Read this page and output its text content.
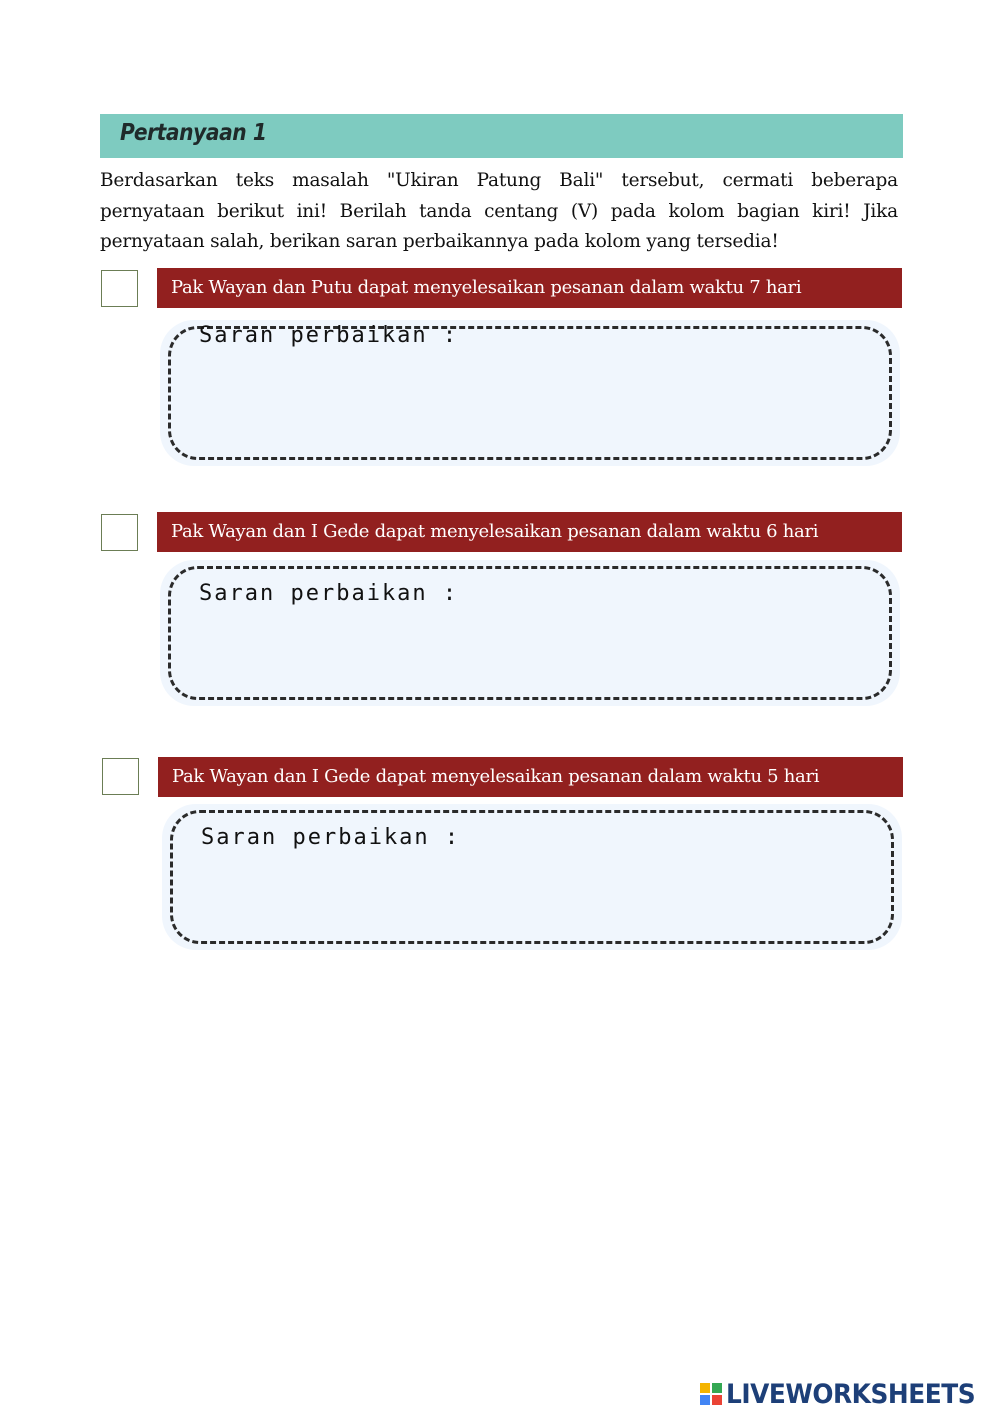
Pertanyaan 1
Berdasarkan teks masalah "Ukiran Patung Bali" tersebut, cermati beberapa pernyataan berikut ini! Berilah tanda centang (V) pada kolom bagian kiri! Jika pernyataan salah, berikan saran perbaikannya pada kolom yang tersedia!
Pak Wayan dan Putu dapat menyelesaikan pesanan dalam waktu 7 hari
Saran perbaikan :
Pak Wayan dan I Gede dapat menyelesaikan pesanan dalam waktu 6 hari
Saran perbaikan :
Pak Wayan dan I Gede dapat menyelesaikan pesanan dalam waktu 5 hari
Saran perbaikan :
LIVEWORKSHEETS
